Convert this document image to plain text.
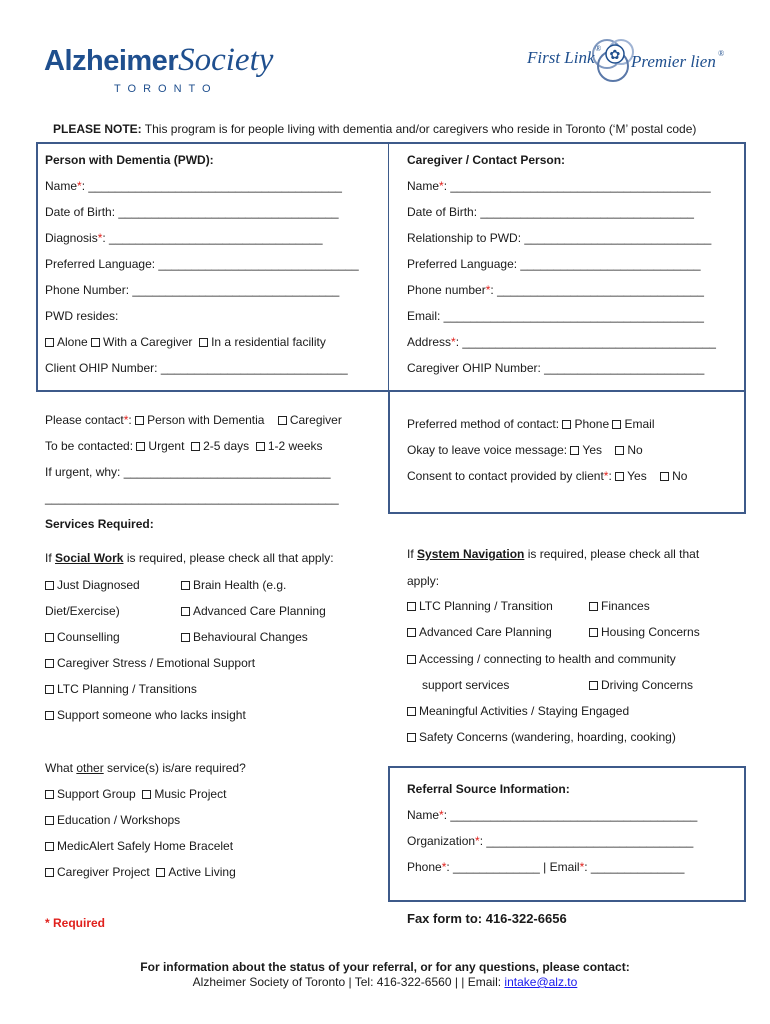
AlzheimerSociety
TORONTO
✿
First Link ®
Premier lien ®
PLEASE NOTE: This program is for people living with dementia and/or caregivers who reside in Toronto (‘M’ postal code)
Person with Dementia (PWD):
Name*: ______________________________________
Date of Birth: _________________________________
Diagnosis*: ________________________________
Preferred Language: ______________________________
Phone Number: _______________________________
PWD resides:
Alone With a Caregiver In a residential facility
Client OHIP Number: ____________________________
Caregiver / Contact Person:
Name*: _______________________________________
Date of Birth: ________________________________
Relationship to PWD: ____________________________
Preferred Language: ___________________________
Phone number*: _______________________________
Email: _______________________________________
Address*: ______________________________________
Caregiver OHIP Number: ________________________
Please contact*: Person with Dementia Caregiver
To be contacted: Urgent 2-5 days 1-2 weeks
If urgent, why: _______________________________
____________________________________________
Preferred method of contact: Phone Email
Okay to leave voice message: Yes No
Consent to contact provided by client*: Yes No
Services Required:
If Social Work is required, please check all that apply:
Just Diagnosed	Brain Health (e.g.
Diet/Exercise)	Advanced Care Planning
Counselling	Behavioural Changes
Caregiver Stress / Emotional Support
LTC Planning / Transitions
Support someone who lacks insight
If System Navigation is required, please check all that
apply:
LTC Planning / Transition	Finances
Advanced Care Planning	Housing Concerns
Accessing / connecting to health and community
support services	Driving Concerns
Meaningful Activities / Staying Engaged
Safety Concerns (wandering, hoarding, cooking)
What other service(s) is/are required?
Support Group Music Project
Education / Workshops
MedicAlert Safely Home Bracelet
Caregiver Project Active Living
Referral Source Information:
Name*: _____________________________________
Organization*: _______________________________
Phone*: _____________ | Email*: ______________
* Required	Fax form to: 416-322-6656
For information about the status of your referral, or for any questions, please contact:
Alzheimer Society of Toronto | Tel: 416-322-6560 | | Email: intake@alz.to
